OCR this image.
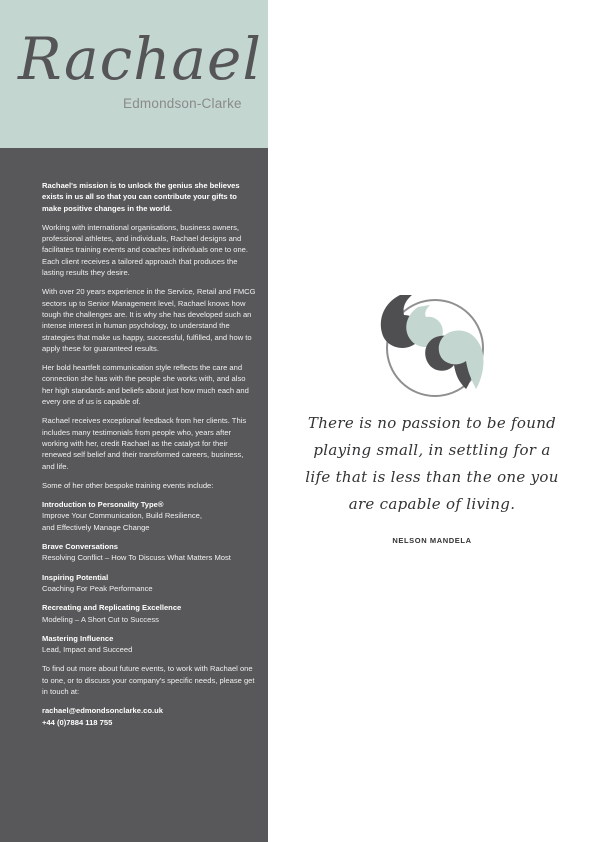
Rachael
Edmondson-Clarke

Rachael's mission is to unlock the genius she believes exists in us all so that you can contribute your gifts to make positive changes in the world.

Working with international organisations, business owners, professional athletes, and individuals, Rachael designs and facilitates training events and coaches individuals one to one. Each client receives a tailored approach that produces the lasting results they desire.

With over 20 years experience in the Service, Retail and FMCG sectors up to Senior Management level, Rachael knows how tough the challenges are. It is why she has developed such an intense interest in human psychology, to understand the strategies that make us happy, successful, fulfilled, and how to apply these for guaranteed results.

Her bold heartfelt communication style reflects the care and connection she has with the people she works with, and also her high standards and beliefs about just how much each and every one of us is capable of.

Rachael receives exceptional feedback from her clients. This includes many testimonials from people who, years after working with her, credit Rachael as the catalyst for their renewed self belief and their transformed careers, business, and life.

Some of her other bespoke training events include:

Introduction to Personality Type®
Improve Your Communication, Build Resilience,
and Effectively Manage Change
Brave Conversations
Resolving Conflict – How To Discuss What Matters Most
Inspiring Potential
Coaching For Peak Performance
Recreating and Replicating Excellence
Modeling – A Short Cut to Success
Mastering Influence
Lead, Impact and Succeed

To find out more about future events, to work with Rachael one to one, or to discuss your company's specific needs, please get in touch at:

rachael@edmondsonclarke.co.uk
+44 (0)7884 118 755
There is no passion to be found playing small, in settling for a life that is less than the one you are capable of living.
NELSON MANDELA
